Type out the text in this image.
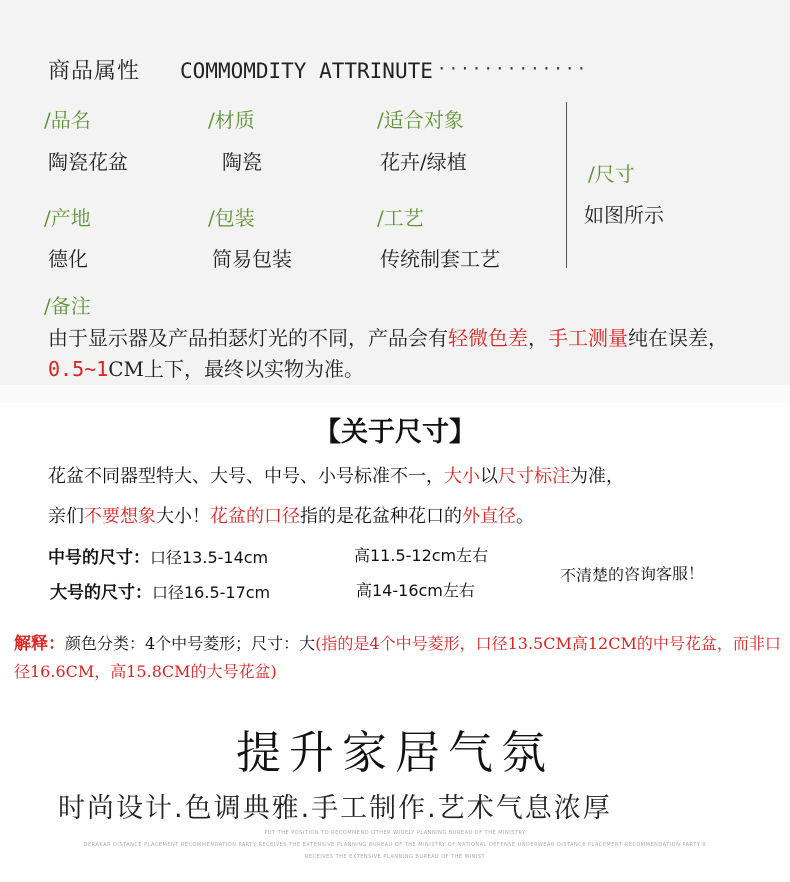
商品属性 COMMOMDITY ATTRINUTE ·············
/品名
陶瓷花盆
/材质
陶瓷
/适合对象
花卉/绿植	/尺寸
如图所示
/产地
德化
/包装
简易包装
/工艺
传统制套工艺
/备注
由于显示器及产品拍瑟灯光的不同，产品会有轻微色差，手工测量纯在误差，0.5~1CM上下，最终以实物为准。
【关于尺寸】
花盆不同器型特大、大号、中号、小号标准不一，大小以尺寸标注为准，
亲们不要想象大小！花盆的口径指的是花盆种花口的外直径。
中号的尺寸：口径13.5-14cm	高11.5-12cm左右
大号的尺寸：口径16.5-17cm	高14-16cm左右
不清楚的咨询客服！
解释：颜色分类：4个中号菱形；尺寸：大(指的是4个中号菱形，口径13.5CM高12CM的中号花盆，而非口径16.6CM，高15.8CM的大号花盆)
提升家居气氛
时尚设计.色调典雅.手工制作.艺术气息浓厚
PUT THE POSITION TO RECOMMEND OTHER WIDELY PLANNING BUREAU OF THE MINISTRY
DERAKAR DISTANCE PLACEMENT RECOMMENDATION PARTY RECEIVES THE EXTENSIVE PLANNING BUREAU OF THE MINISTRY OF NATIONAL DEFENSE UNDERWEAR DISTANCE PLACEMENT RECOMMENDATION PARTY R
RECEIVES THE EXTENSIVE PLANNING BUREAU OF THE MINIST
